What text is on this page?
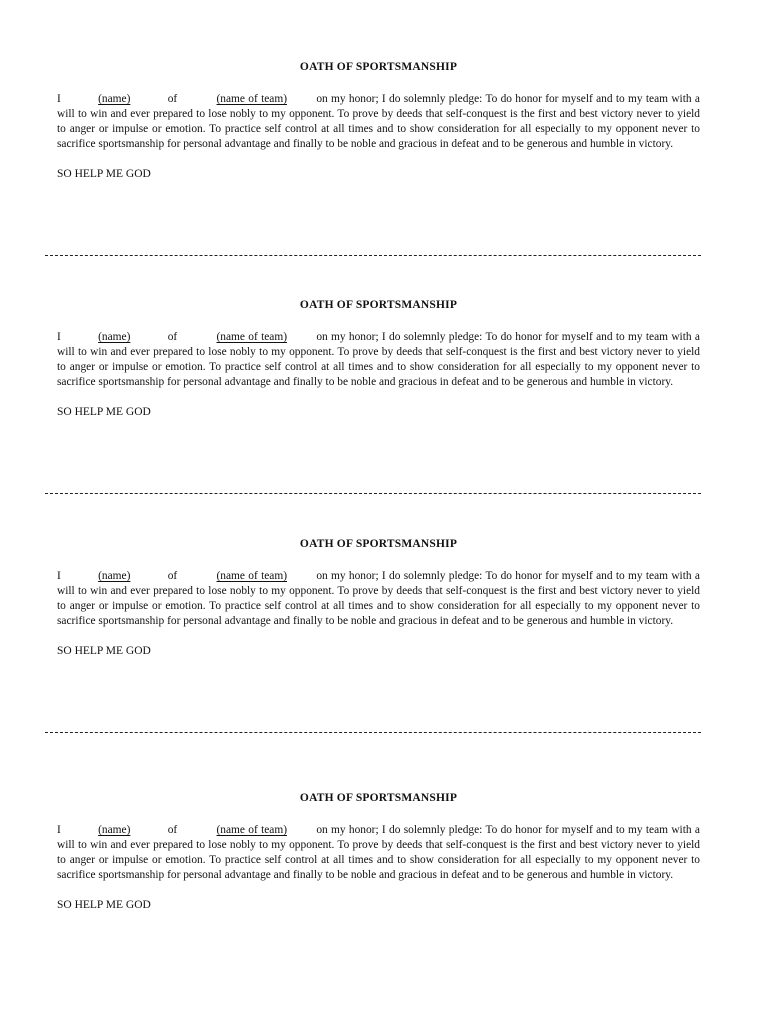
OATH OF SPORTSMANSHIP
I	(name)	of	(name of team)	on my honor; I do solemnly pledge: To do honor for myself and to my team with a will to win and ever prepared to lose nobly to my opponent. To prove by deeds that self-conquest is the first and best victory never to yield to anger or impulse or emotion. To practice self control at all times and to show consideration for all especially to my opponent never to sacrifice sportsmanship for personal advantage and finally to be noble and gracious in defeat and to be generous and humble in victory.
SO HELP ME GOD
OATH OF SPORTSMANSHIP
I	(name)	of	(name of team)	on my honor; I do solemnly pledge: To do honor for myself and to my team with a will to win and ever prepared to lose nobly to my opponent. To prove by deeds that self-conquest is the first and best victory never to yield to anger or impulse or emotion. To practice self control at all times and to show consideration for all especially to my opponent never to sacrifice sportsmanship for personal advantage and finally to be noble and gracious in defeat and to be generous and humble in victory.
SO HELP ME GOD
OATH OF SPORTSMANSHIP
I	(name)	of	(name of team)	on my honor; I do solemnly pledge: To do honor for myself and to my team with a will to win and ever prepared to lose nobly to my opponent. To prove by deeds that self-conquest is the first and best victory never to yield to anger or impulse or emotion. To practice self control at all times and to show consideration for all especially to my opponent never to sacrifice sportsmanship for personal advantage and finally to be noble and gracious in defeat and to be generous and humble in victory.
SO HELP ME GOD
OATH OF SPORTSMANSHIP
I	(name)	of	(name of team)	on my honor; I do solemnly pledge: To do honor for myself and to my team with a will to win and ever prepared to lose nobly to my opponent. To prove by deeds that self-conquest is the first and best victory never to yield to anger or impulse or emotion. To practice self control at all times and to show consideration for all especially to my opponent never to sacrifice sportsmanship for personal advantage and finally to be noble and gracious in defeat and to be generous and humble in victory.
SO HELP ME GOD
